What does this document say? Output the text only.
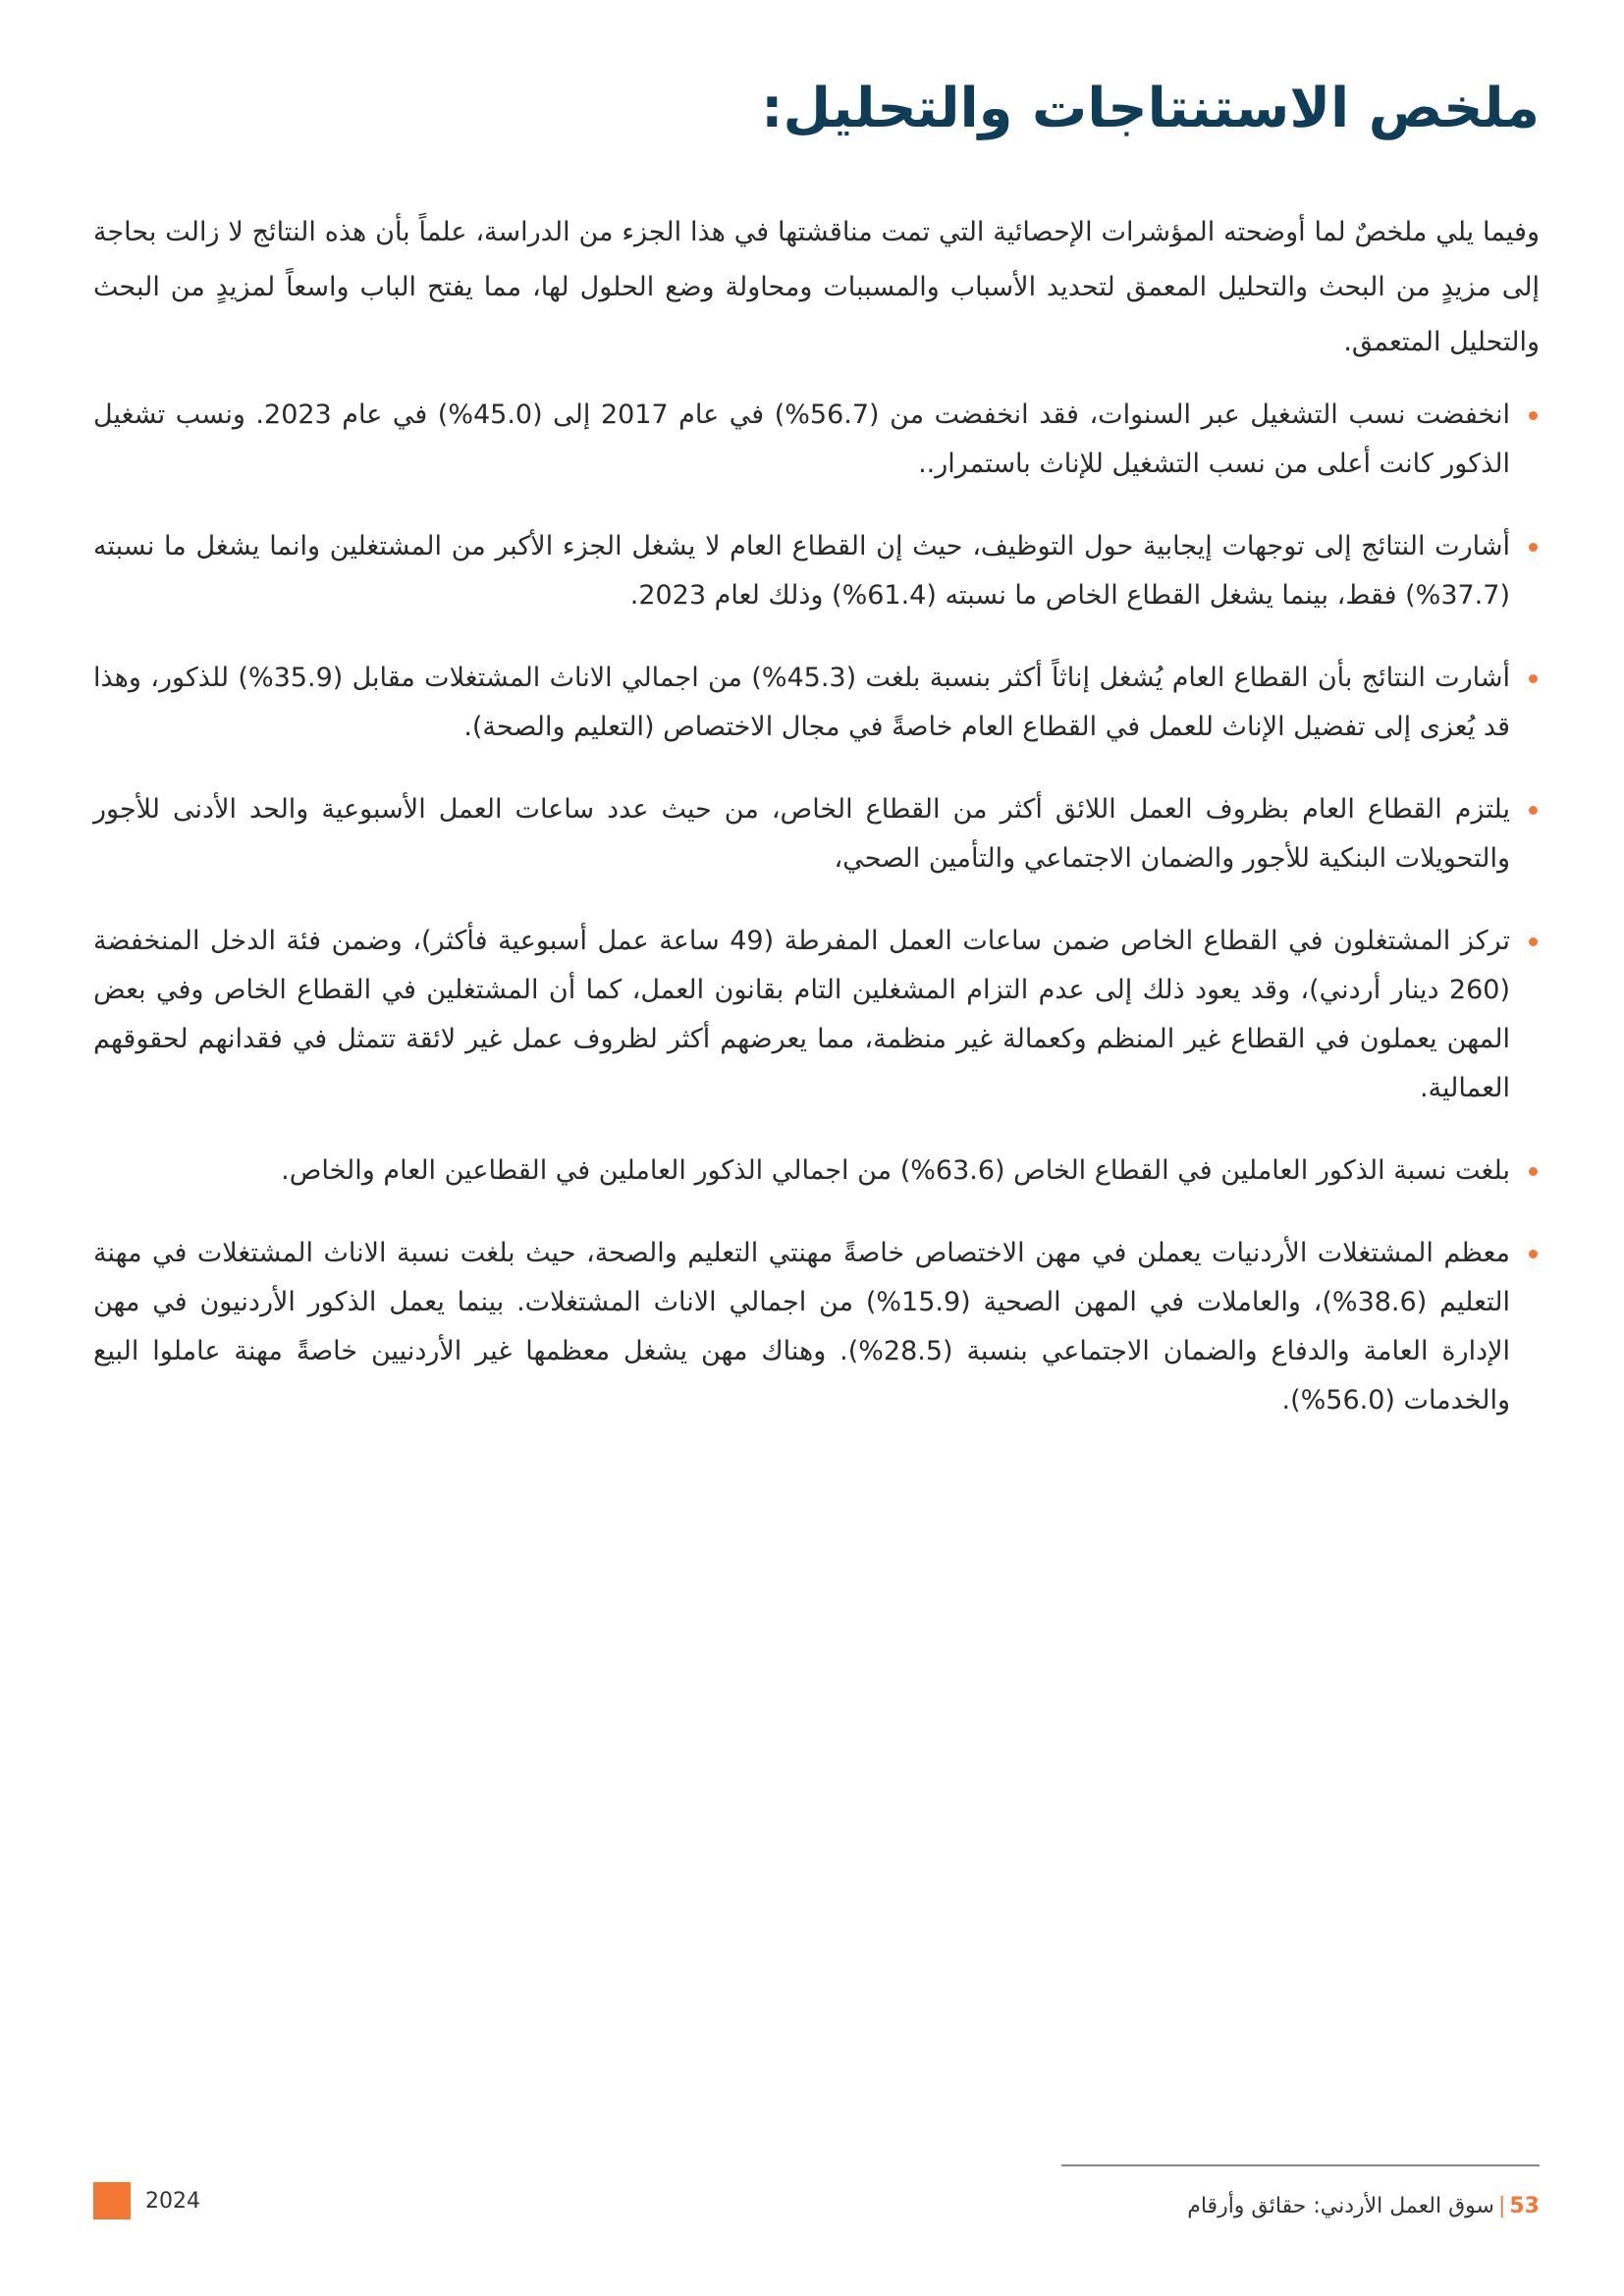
ملخص الاستنتاجات والتحليل:

وفيما يلي ملخصٌ لما أوضحته المؤشرات الإحصائية التي تمت مناقشتها في هذا الجزء من الدراسة، علماً بأن هذه النتائج لا زالت بحاجة إلى مزيدٍ من البحث والتحليل المعمق لتحديد الأسباب والمسببات ومحاولة وضع الحلول لها، مما يفتح الباب واسعاً لمزيدٍ من البحث والتحليل المتعمق.

انخفضت نسب التشغيل عبر السنوات، فقد انخفضت من (56.7%) في عام 2017 إلى (45.0%) في عام 2023. ونسب تشغيل الذكور كانت أعلى من نسب التشغيل للإناث باستمرار..
أشارت النتائج إلى توجهات إيجابية حول التوظيف، حيث إن القطاع العام لا يشغل الجزء الأكبر من المشتغلين وانما يشغل ما نسبته (37.7%) فقط، بينما يشغل القطاع الخاص ما نسبته (61.4%) وذلك لعام 2023.
أشارت النتائج بأن القطاع العام يُشغل إناثاً أكثر بنسبة بلغت (45.3%) من اجمالي الاناث المشتغلات مقابل (35.9%) للذكور، وهذا قد يُعزى إلى تفضيل الإناث للعمل في القطاع العام خاصةً في مجال الاختصاص (التعليم والصحة).
يلتزم القطاع العام بظروف العمل اللائق أكثر من القطاع الخاص، من حيث عدد ساعات العمل الأسبوعية والحد الأدنى للأجور والتحويلات البنكية للأجور والضمان الاجتماعي والتأمين الصحي،
تركز المشتغلون في القطاع الخاص ضمن ساعات العمل المفرطة (49 ساعة عمل أسبوعية فأكثر)، وضمن فئة الدخل المنخفضة (260 دينار أردني)، وقد يعود ذلك إلى عدم التزام المشغلين التام بقانون العمل، كما أن المشتغلين في القطاع الخاص وفي بعض المهن يعملون في القطاع غير المنظم وكعمالة غير منظمة، مما يعرضهم أكثر لظروف عمل غير لائقة تتمثل في فقدانهم لحقوقهم العمالية.
بلغت نسبة الذكور العاملين في القطاع الخاص (63.6%) من اجمالي الذكور العاملين في القطاعين العام والخاص.
معظم المشتغلات الأردنيات يعملن في مهن الاختصاص خاصةً مهنتي التعليم والصحة، حيث بلغت نسبة الاناث المشتغلات في مهنة التعليم (38.6%)، والعاملات في المهن الصحية (15.9%) من اجمالي الاناث المشتغلات. بينما يعمل الذكور الأردنيون في مهن الإدارة العامة والدفاع والضمان الاجتماعي بنسبة (28.5%). وهناك مهن يشغل معظمها غير الأردنيين خاصةً مهنة عاملوا البيع والخدمات (56.0%).
2024	53|سوق العمل الأردني: حقائق وأرقام
